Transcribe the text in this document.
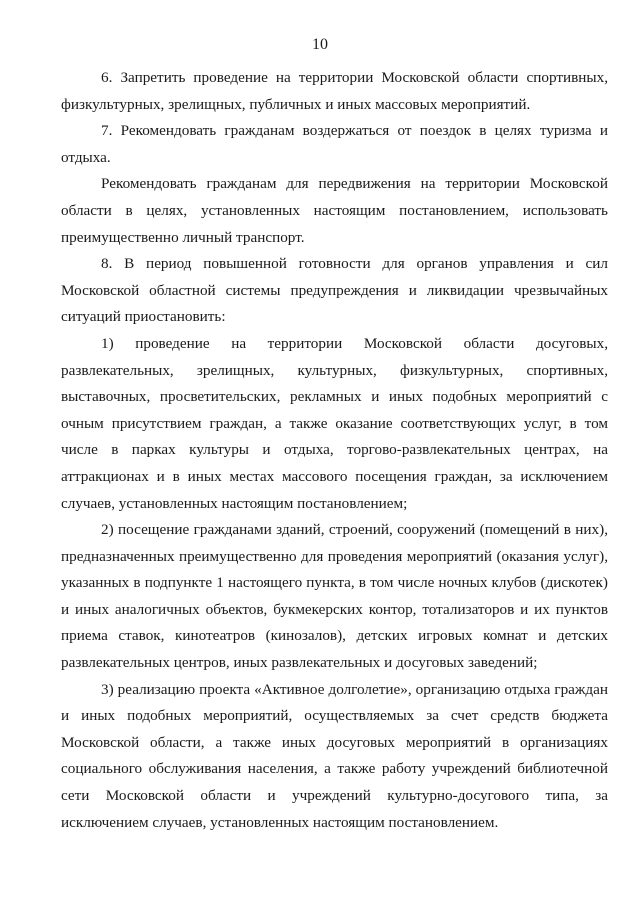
10

6. Запретить проведение на территории Московской области спортивных, физкультурных, зрелищных, публичных и иных массовых мероприятий.

7. Рекомендовать гражданам воздержаться от поездок в целях туризма и отдыха.

Рекомендовать гражданам для передвижения на территории Московской области в целях, установленных настоящим постановлением, использовать преимущественно личный транспорт.

8. В период повышенной готовности для органов управления и сил Московской областной системы предупреждения и ликвидации чрезвычайных ситуаций приостановить:

1) проведение на территории Московской области досуговых, развлекательных, зрелищных, культурных, физкультурных, спортивных, выставочных, просветительских, рекламных и иных подобных мероприятий с очным присутствием граждан, а также оказание соответствующих услуг, в том числе в парках культуры и отдыха, торгово-развлекательных центрах, на аттракционах и в иных местах массового посещения граждан, за исключением случаев, установленных настоящим постановлением;

2) посещение гражданами зданий, строений, сооружений (помещений в них), предназначенных преимущественно для проведения мероприятий (оказания услуг), указанных в подпункте 1 настоящего пункта, в том числе ночных клубов (дискотек) и иных аналогичных объектов, букмекерских контор, тотализаторов и их пунктов приема ставок, кинотеатров (кинозалов), детских игровых комнат и детских развлекательных центров, иных развлекательных и досуговых заведений;

3) реализацию проекта «Активное долголетие», организацию отдыха граждан и иных подобных мероприятий, осуществляемых за счет средств бюджета Московской области, а также иных досуговых мероприятий в организациях социального обслуживания населения, а также работу учреждений библиотечной сети Московской области и учреждений культурно-досугового типа, за исключением случаев, установленных настоящим постановлением.
